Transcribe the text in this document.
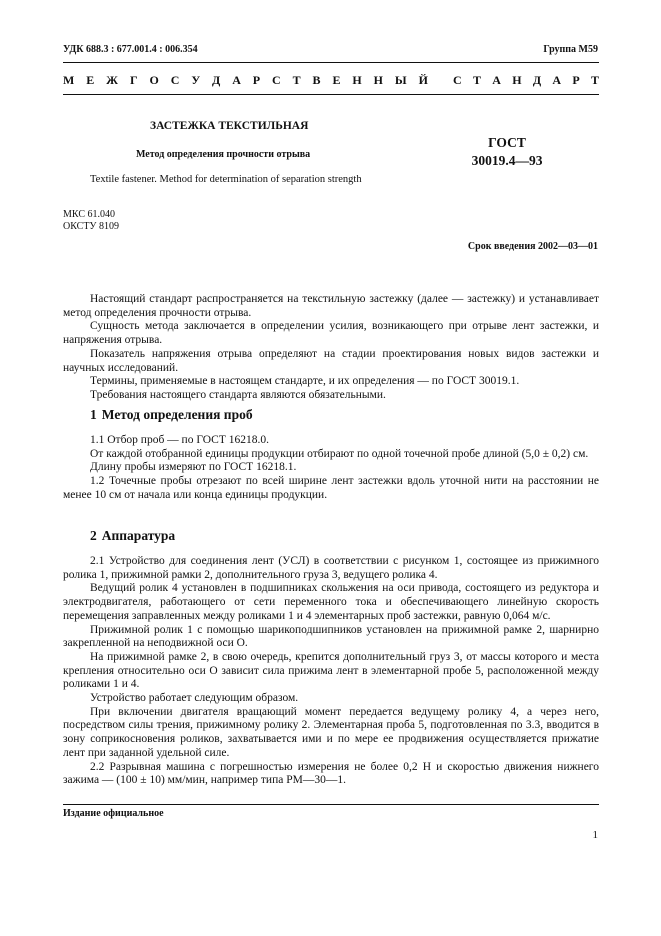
УДК 688.3 : 677.001.4 : 006.354	Группа М59
М Е Ж Г О С У Д А Р С Т В Е Н Н Ы Й С Т А Н Д А Р Т
ЗАСТЕЖКА ТЕКСТИЛЬНАЯ
Метод определения прочности отрыва
ГОСТ
30019.4—93
Textile fastener. Method for determination of separation strength
МКС 61.040
ОКСТУ 8109
Срок введения 2002—03—01

Настоящий стандарт распространяется на текстильную застежку (далее — застежку) и устанавливает метод определения прочности отрыва.

Сущность метода заключается в определении усилия, возникающего при отрыве лент застежки, и напряжения отрыва.

Показатель напряжения отрыва определяют на стадии проектирования новых видов застежки и научных исследований.

Термины, применяемые в настоящем стандарте, и их определения — по ГОСТ 30019.1.

Требования настоящего стандарта являются обязательными.

1 Метод определения проб

1.1 Отбор проб — по ГОСТ 16218.0.

От каждой отобранной единицы продукции отбирают по одной точечной пробе длиной (5,0 ± 0,2) см.

Длину пробы измеряют по ГОСТ 16218.1.

1.2 Точечные пробы отрезают по всей ширине лент застежки вдоль уточной нити на расстоянии не менее 10 см от начала или конца единицы продукции.

2 Аппаратура

2.1 Устройство для соединения лент (УСЛ) в соответствии с рисунком 1, состоящее из прижимного ролика 1, прижимной рамки 2, дополнительного груза 3, ведущего ролика 4.

Ведущий ролик 4 установлен в подшипниках скольжения на оси привода, состоящего из редуктора и электродвигателя, работающего от сети переменного тока и обеспечивающего линейную скорость перемещения заправленных между роликами 1 и 4 элементарных проб застежки, равную 0,064 м/с.

Прижимной ролик 1 с помощью шарикоподшипников установлен на прижимной рамке 2, шарнирно закрепленной на неподвижной оси О.

На прижимной рамке 2, в свою очередь, крепится дополнительный груз 3, от массы которого и места крепления относительно оси О зависит сила прижима лент в элементарной пробе 5, расположенной между роликами 1 и 4.

Устройство работает следующим образом.

При включении двигателя вращающий момент передается ведущему ролику 4, а через него, посредством силы трения, прижимному ролику 2. Элементарная проба 5, подготовленная по 3.3, вводится в зону соприкосновения роликов, захватывается ими и по мере ее продвижения осуществляется прижатие лент при заданной удельной силе.

2.2 Разрывная машина с погрешностью измерения не более 0,2 Н и скоростью движения нижнего зажима — (100 ± 10) мм/мин, например типа РМ—30—1.

Издание официальное
1
